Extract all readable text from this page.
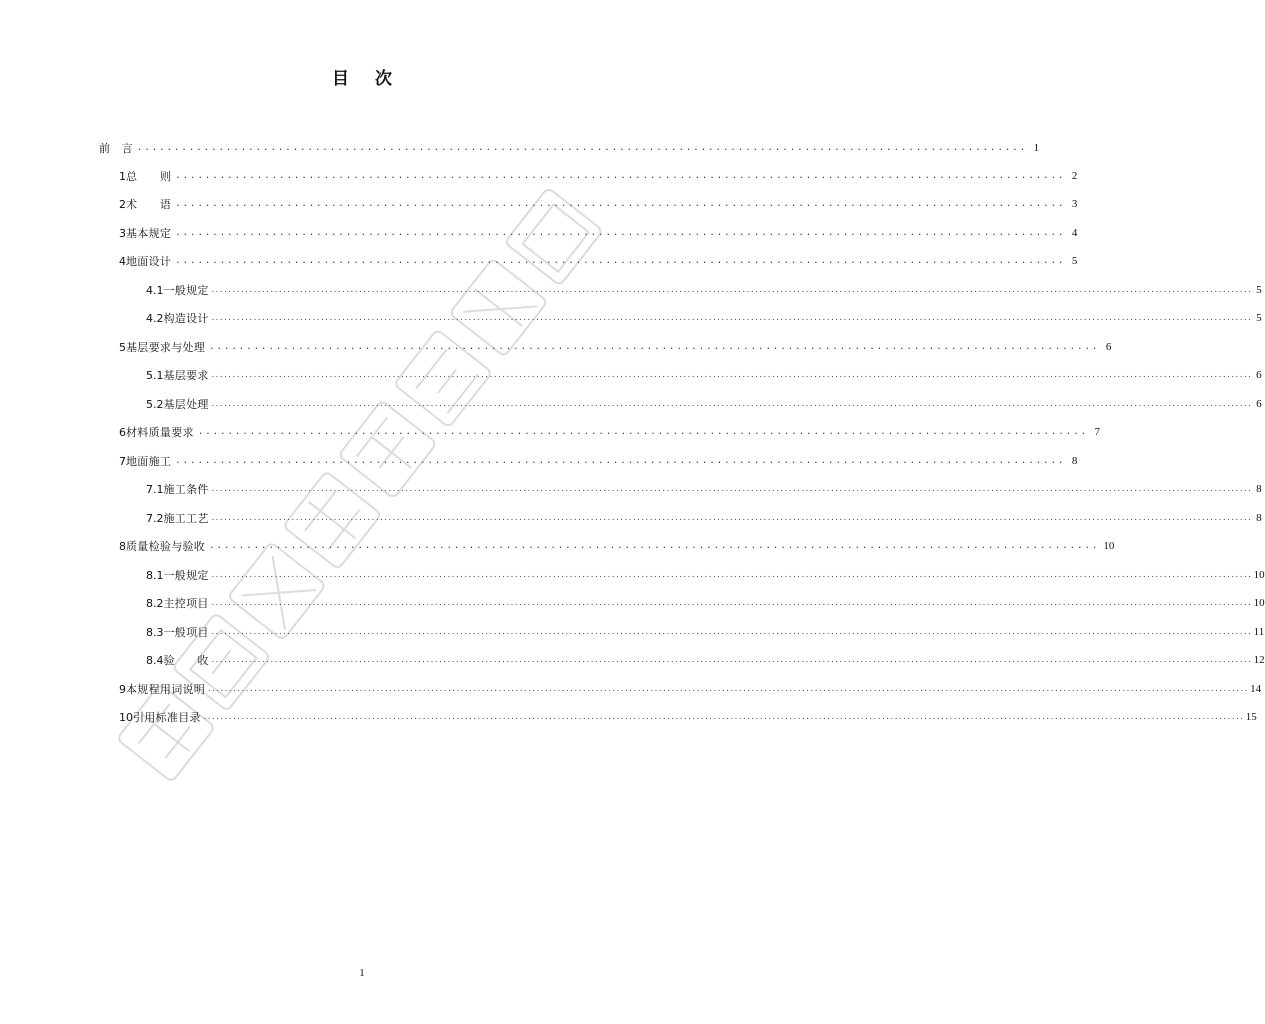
目 次
前　言 ........................................................................................................................ 1
1 总　　则 ........................................................................................................................ 2
2 术　　语 ........................................................................................................................ 3
3 基本规定 ........................................................................................................................ 4
4 地面设计 ........................................................................................................................ 5
4.1 一般规定 ....................................................................................................................................................................................................................................................... 5
4.2 构造设计 ....................................................................................................................................................................................................................................................... 5
5 基层要求与处理 ........................................................................................................................ 6
5.1 基层要求 ....................................................................................................................................................................................................................................................... 6
5.2 基层处理 ....................................................................................................................................................................................................................................................... 6
6 材料质量要求 ........................................................................................................................ 7
7 地面施工 ........................................................................................................................ 8
7.1 施工条件 ....................................................................................................................................................................................................................................................... 8
7.2 施工工艺 ....................................................................................................................................................................................................................................................... 8
8 质量检验与验收 ........................................................................................................................ 10
8.1 一般规定 ....................................................................................................................................................................................................................................................... 10
8.2 主控项目 ....................................................................................................................................................................................................................................................... 10
8.3 一般项目 ....................................................................................................................................................................................................................................................... 11
8.4 验　　收 ....................................................................................................................................................................................................................................................... 12
9 本规程用词说明 ....................................................................................................................................................................................................................................................... 14
10 引用标准目录 ....................................................................................................................................................................................................................................................... 15
1
